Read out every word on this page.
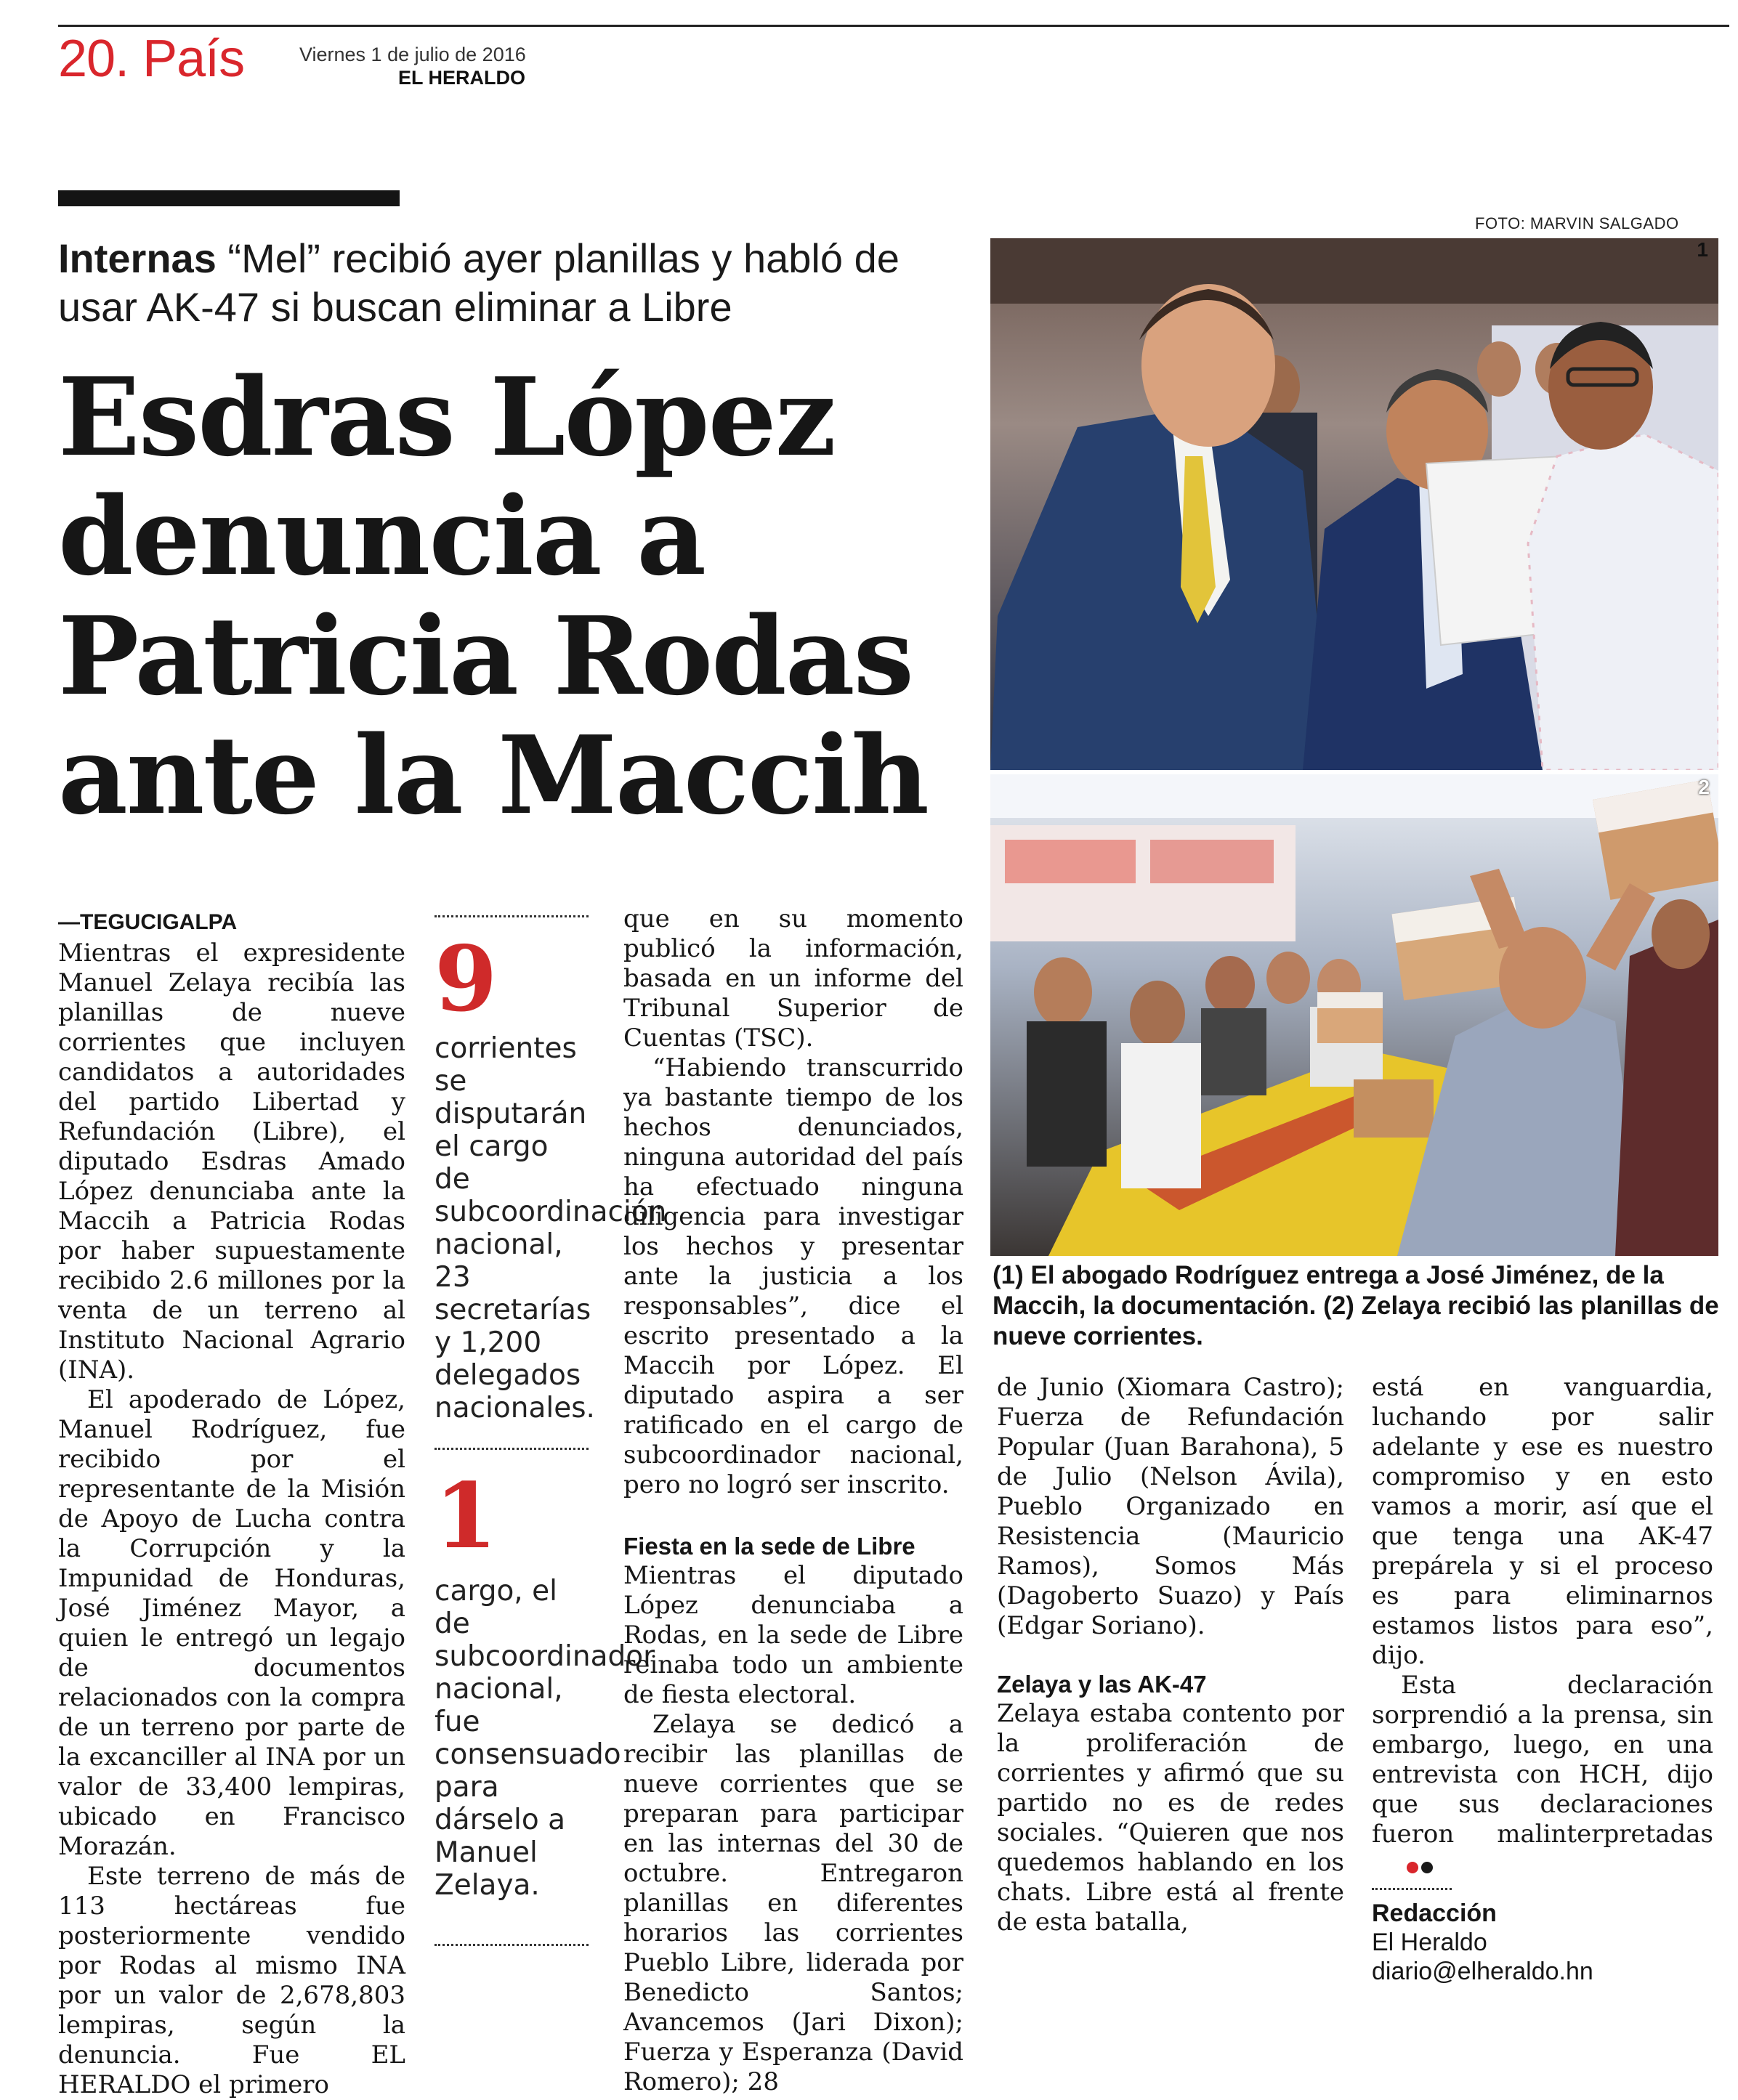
20. País	Viernes 1 de julio de 2016
EL HERALDO
Internas “Mel” recibió ayer planillas y habló de usar AK-47 si buscan eliminar a Libre
Esdras López denuncia a Patricia Rodas ante la Maccih
—TEGUCIGALPA

Mientras el expresidente Manuel Zelaya recibía las planillas de nueve corrientes que incluyen candidatos a autoridades del partido Libertad y Refundación (Libre), el diputado Esdras Amado López denunciaba ante la Maccih a Patricia Rodas por haber supuestamente recibido 2.6 millones por la venta de un terreno al Instituto Nacional Agrario (INA).

El apoderado de López, Manuel Rodríguez, fue recibido por el representante de la Misión de Apoyo de Lucha contra la Corrupción y la Impunidad de Honduras, José Jiménez Mayor, a quien le entregó un legajo de documentos relacionados con la compra de un terreno por parte de la excanciller al INA por un valor de 33,400 lempiras, ubicado en Francisco Morazán.

Este terreno de más de 113 hectáreas fue posteriormente vendido por Rodas al mismo INA por un valor de 2,678,803 lempiras, según la denuncia. Fue EL HERALDO el primero

9
corrientes se disputarán el cargo de subcoordinación nacional, 23 secretarías y 1,200 delegados nacionales.
1
cargo, el de subcoordinador nacional, fue consensuado para dárselo a Manuel Zelaya.

que en su momento publicó la información, basada en un informe del Tribunal Superior de Cuentas (TSC).

“Habiendo transcurrido ya bastante tiempo de los hechos denunciados, ninguna autoridad del país ha efectuado ninguna diligencia para investigar los hechos y presentar ante la justicia a los responsables”, dice el escrito presentado a la Maccih por López. El diputado aspira a ser ratificado en el cargo de subcoordinador nacional, pero no logró ser inscrito.

Fiesta en la sede de Libre

Mientras el diputado López denunciaba a Rodas, en la sede de Libre reinaba todo un ambiente de fiesta electoral.

Zelaya se dedicó a recibir las planillas de nueve corrientes que se preparan para participar en las internas del 30 de octubre. Entregaron planillas en diferentes horarios las corrientes Pueblo Libre, liderada por Benedicto Santos; Avancemos (Jari Dixon); Fuerza y Esperanza (David Romero); 28

FOTO: MARVIN SALGADO
1
2
(1) El abogado Rodríguez entrega a José Jiménez, de la Maccih, la documentación. (2) Zelaya recibió las planillas de nueve corrientes.

de Junio (Xiomara Castro); Fuerza de Refundación Popular (Juan Barahona), 5 de Julio (Nelson Ávila), Pueblo Organizado en Resistencia (Mauricio Ramos), Somos Más (Dagoberto Suazo) y País (Edgar Soriano).

Zelaya y las AK-47

Zelaya estaba contento por la proliferación de corrientes y afirmó que su partido no es de redes sociales. “Quieren que nos quedemos hablando en los chats. Libre está al frente de esta batalla,

está en vanguardia, luchando por salir adelante y ese es nuestro compromiso y en esto vamos a morir, así que el que tenga una AK-47 prepárela y si el proceso es para eliminarnos estamos listos para eso”, dijo.

Esta declaración sorprendió a la prensa, sin embargo, luego, en una entrevista con HCH, dijo que sus declaraciones fueron malinterpretadas

Redacción
El Heraldo
diario@elheraldo.hn
